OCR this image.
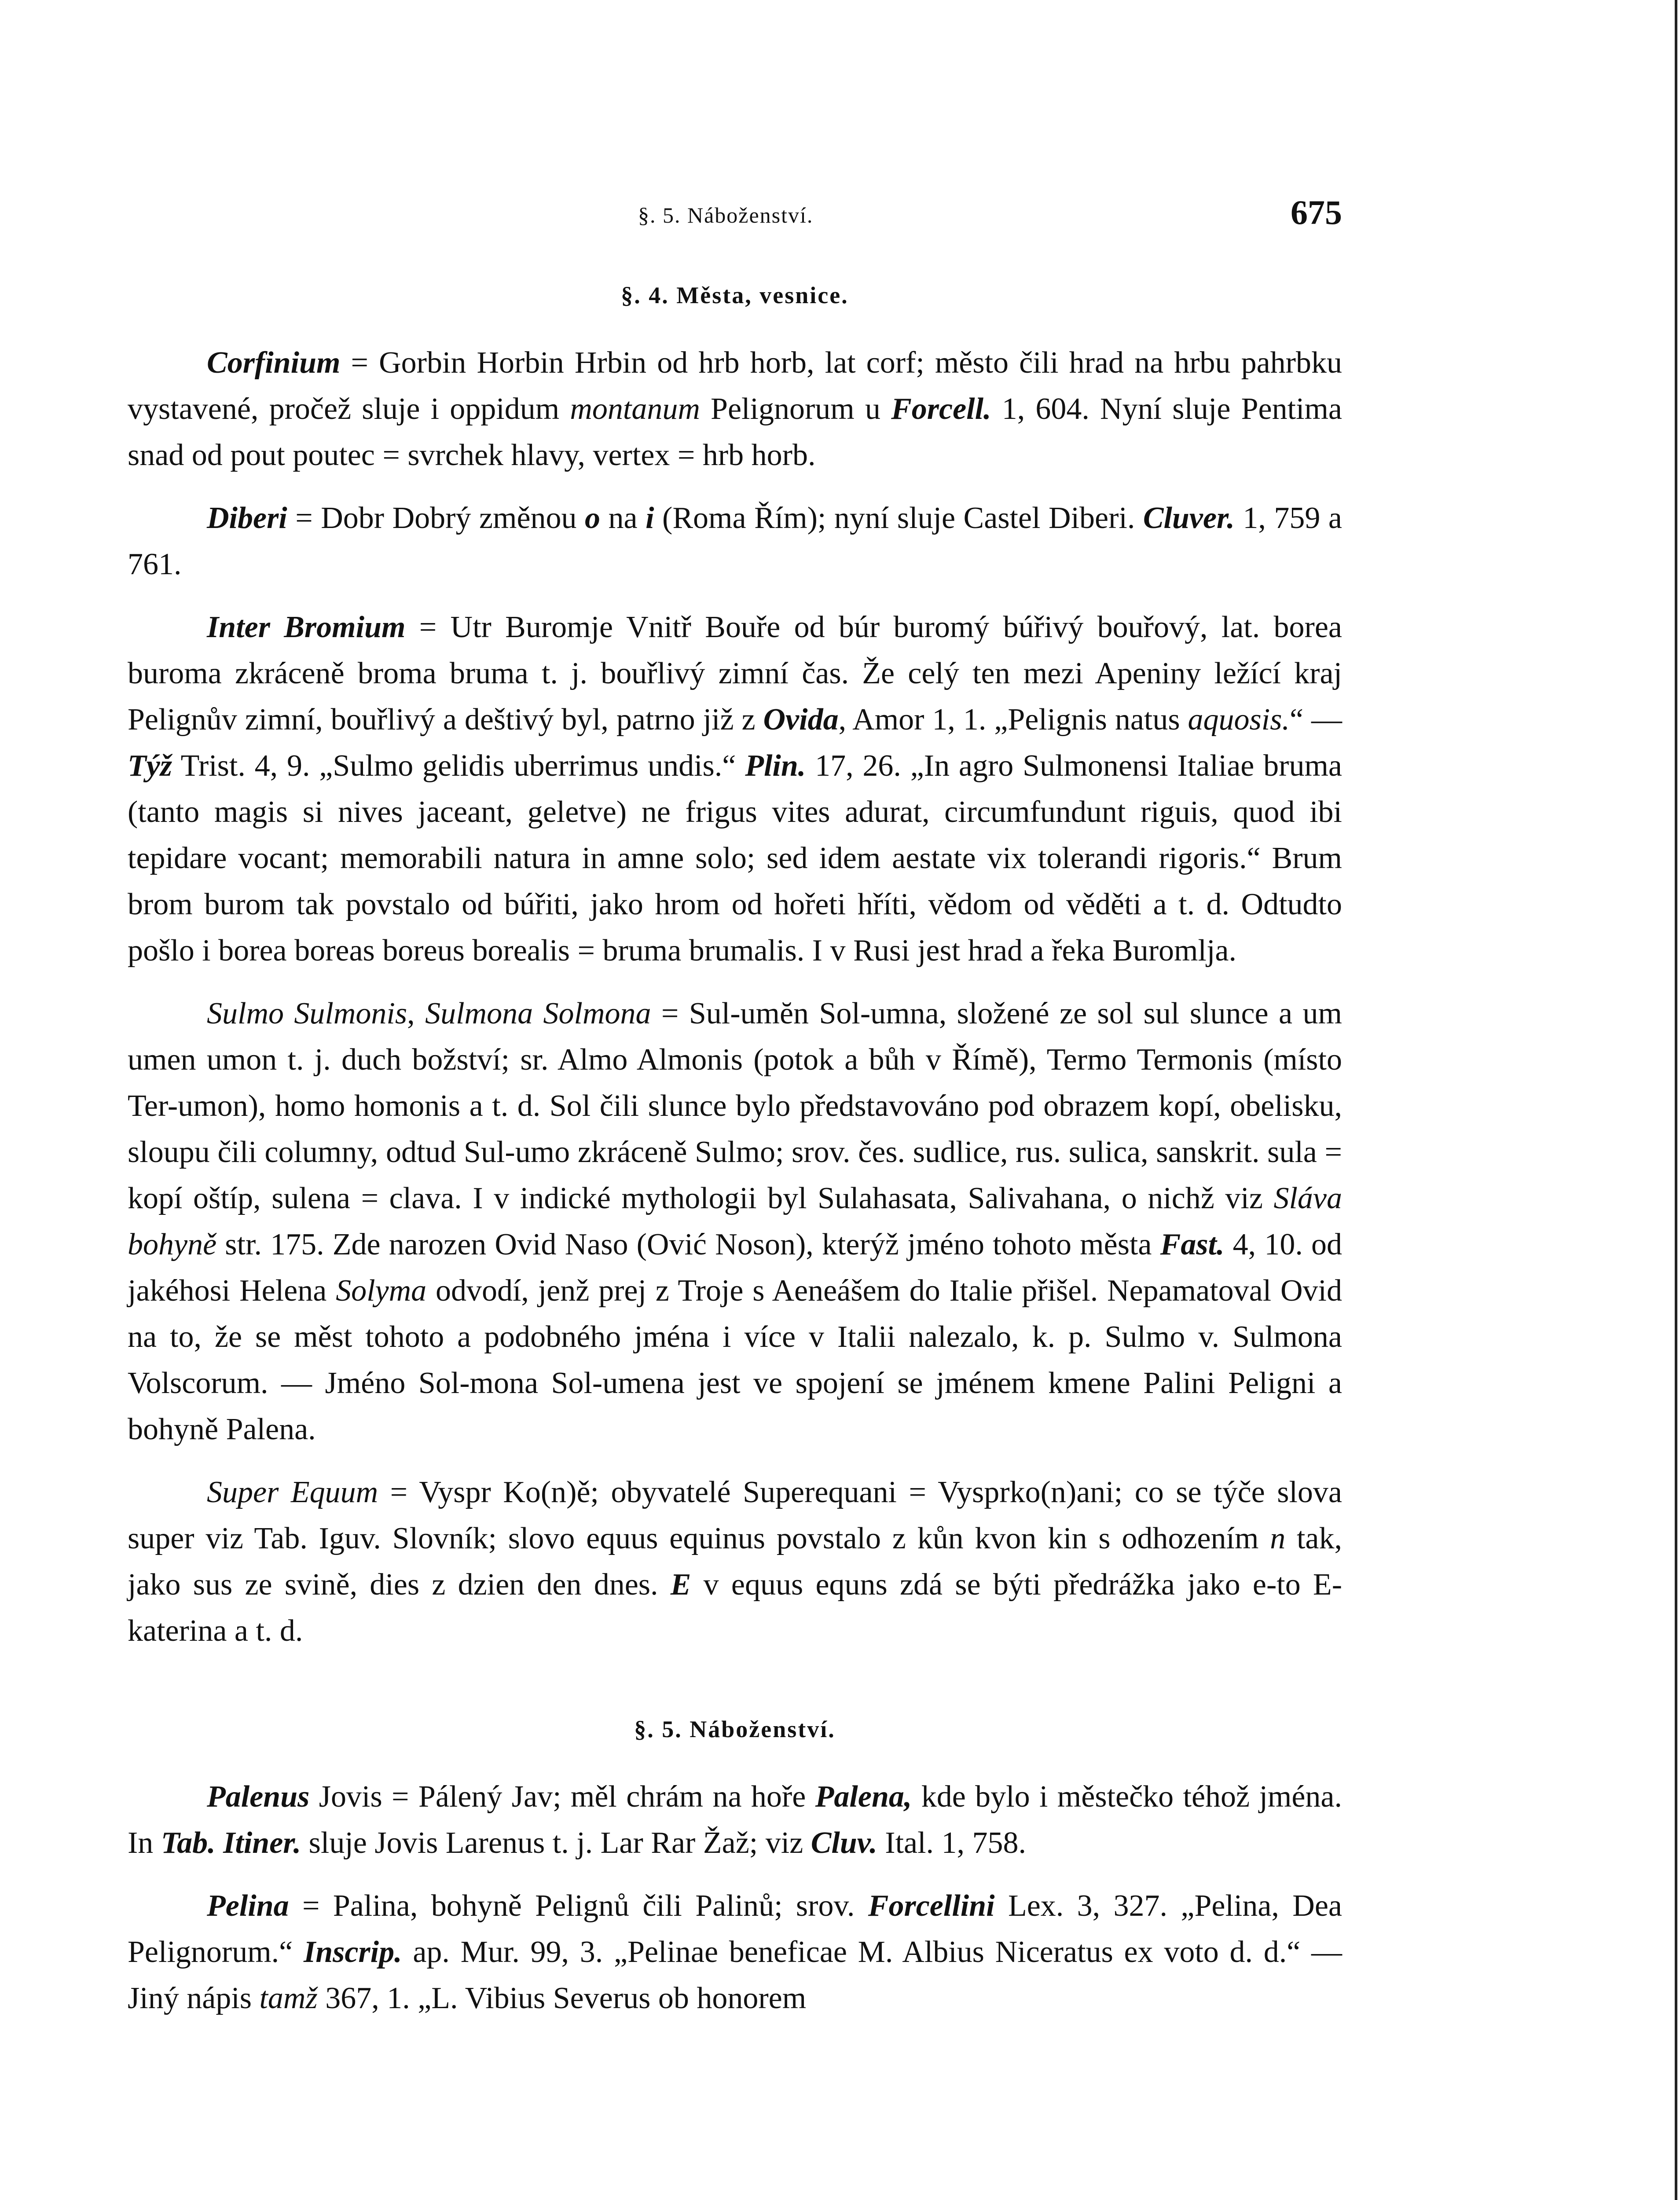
§. 5. Náboženství.	675
§. 4. Města, vesnice.

Corfinium = Gorbin Horbin Hrbin od hrb horb, lat corf; město čili hrad na hrbu pahrbku vystavené, pročež sluje i oppidum montanum Pelignorum u Forcell. 1, 604. Nyní sluje Pentima snad od pout poutec = svrchek hlavy, vertex = hrb horb.

Diberi = Dobr Dobrý změnou o na i (Roma Řím); nyní sluje Castel Diberi. Cluver. 1, 759 a 761.

Inter Bromium = Utr Buromje Vnitř Bouře od búr buromý búřivý bouřový, lat. borea buroma zkráceně broma bruma t. j. bouřlivý zimní čas. Že celý ten mezi Apeniny ležící kraj Pelignův zimní, bouřlivý a deštivý byl, patrno již z Ovida, Amor 1, 1. „Pelignis natus aquosis.“ — Týž Trist. 4, 9. „Sulmo gelidis uberrimus undis.“ Plin. 17, 26. „In agro Sulmonensi Italiae bruma (tanto magis si nives jaceant, geletve) ne frigus vites adurat, circumfundunt riguis, quod ibi tepidare vocant; memorabili natura in amne solo; sed idem aestate vix tolerandi rigoris.“ Brum brom burom tak povstalo od búřiti, jako hrom od hořeti hříti, vědom od věděti a t. d. Odtudto pošlo i borea boreas boreus borealis = bruma brumalis. I v Rusi jest hrad a řeka Buromlja.

Sulmo Sulmonis, Sulmona Solmona = Sul-umĕn Sol-umna, složené ze sol sul slunce a um umen umon t. j. duch božství; sr. Almo Almonis (potok a bůh v Římě), Termo Termonis (místo Ter-umon), homo homonis a t. d. Sol čili slunce bylo představováno pod obrazem kopí, obelisku, sloupu čili columny, odtud Sul-umo zkráceně Sulmo; srov. čes. sudlice, rus. sulica, sanskrit. sula = kopí oštíp, sulena = clava. I v indické mythologii byl Sulahasata, Salivahana, o nichž viz Sláva bohyně str. 175. Zde narozen Ovid Naso (Ović Noson), kterýž jméno tohoto města Fast. 4, 10. od jakéhosi Helena Solyma odvodí, jenž prej z Troje s Aeneášem do Italie přišel. Nepamatoval Ovid na to, že se měst tohoto a podobného jména i více v Italii nalezalo, k. p. Sulmo v. Sulmona Volscorum. — Jméno Sol-mona Sol-umena jest ve spojení se jménem kmene Palini Peligni a bohyně Palena.

Super Equum = Vyspr Ko(n)ě; obyvatelé Superequani = Vysprko(n)ani; co se týče slova super viz Tab. Iguv. Slovník; slovo equus equinus povstalo z kůn kvon kin s odhozením n tak, jako sus ze svině, dies z dzien den dnes. E v equus equns zdá se býti předrážka jako e-to E-katerina a t. d.

§. 5. Náboženství.

Palenus Jovis = Pálený Jav; měl chrám na hoře Palena, kde bylo i městečko téhož jména. In Tab. Itiner. sluje Jovis Larenus t. j. Lar Rar Žaž; viz Cluv. Ital. 1, 758.

Pelina = Palina, bohyně Pelignů čili Palinů; srov. Forcellini Lex. 3, 327. „Pelina, Dea Pelignorum.“ Inscrip. ap. Mur. 99, 3. „Pelinae beneficae M. Albius Niceratus ex voto d. d.“ — Jiný nápis tamž 367, 1. „L. Vibius Severus ob honorem
